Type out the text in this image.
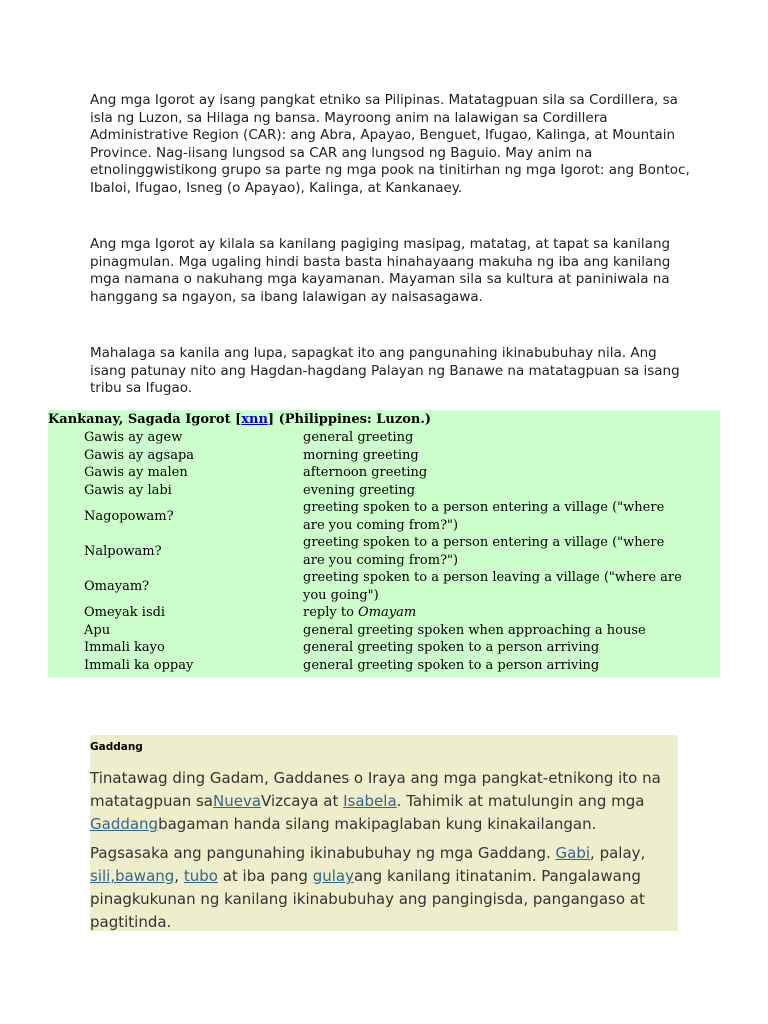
Ang mga Igorot ay isang pangkat etniko sa Pilipinas. Matatagpuan sila sa Cordillera, sa isla ng Luzon, sa Hilaga ng bansa. Mayroong anim na lalawigan sa Cordillera Administrative Region (CAR): ang Abra, Apayao, Benguet, Ifugao, Kalinga, at Mountain Province. Nag-iisang lungsod sa CAR ang lungsod ng Baguio. May anim na etnolinggwistikong grupo sa parte ng mga pook na tinitirhan ng mga Igorot: ang Bontoc, Ibaloi, Ifugao, Isneg (o Apayao), Kalinga, at Kankanaey.

Ang mga Igorot ay kilala sa kanilang pagiging masipag, matatag, at tapat sa kanilang pinagmulan. Mga ugaling hindi basta basta hinahayaang makuha ng iba ang kanilang mga namana o nakuhang mga kayamanan. Mayaman sila sa kultura at paniniwala na hanggang sa ngayon, sa ibang lalawigan ay naisasagawa.

Mahalaga sa kanila ang lupa, sapagkat ito ang pangunahing ikinabubuhay nila. Ang isang patunay nito ang Hagdan-hagdang Palayan ng Banawe na matatagpuan sa isang tribu sa Ifugao.

Kankanay, Sagada Igorot [xnn] (Philippines: Luzon.)
Gawis ay agew	general greeting
Gawis ay agsapa	morning greeting
Gawis ay malen	afternoon greeting
Gawis ay labi	evening greeting
Nagopowam?	greeting spoken to a person entering a village ("where are you coming from?")
Nalpowam?	greeting spoken to a person entering a village ("where are you coming from?")
Omayam?	greeting spoken to a person leaving a village ("where are you going")
Omeyak isdi	reply to Omayam
Apu	general greeting spoken when approaching a house
Immali kayo	general greeting spoken to a person arriving
Immali ka oppay	general greeting spoken to a person arriving
Gaddang

Tinatawag ding Gadam, Gaddanes o Iraya ang mga pangkat-etnikong ito na matatagpuan saNuevaVizcaya at Isabela. Tahimik at matulungin ang mga Gaddangbagaman handa silang makipaglaban kung kinakailangan.

Pagsasaka ang pangunahing ikinabubuhay ng mga Gaddang. Gabi, palay, sili,bawang, tubo at iba pang gulayang kanilang itinatanim. Pangalawang pinagkukunan ng kanilang ikinabubuhay ang pangingisda, pangangaso at pagtitinda.
